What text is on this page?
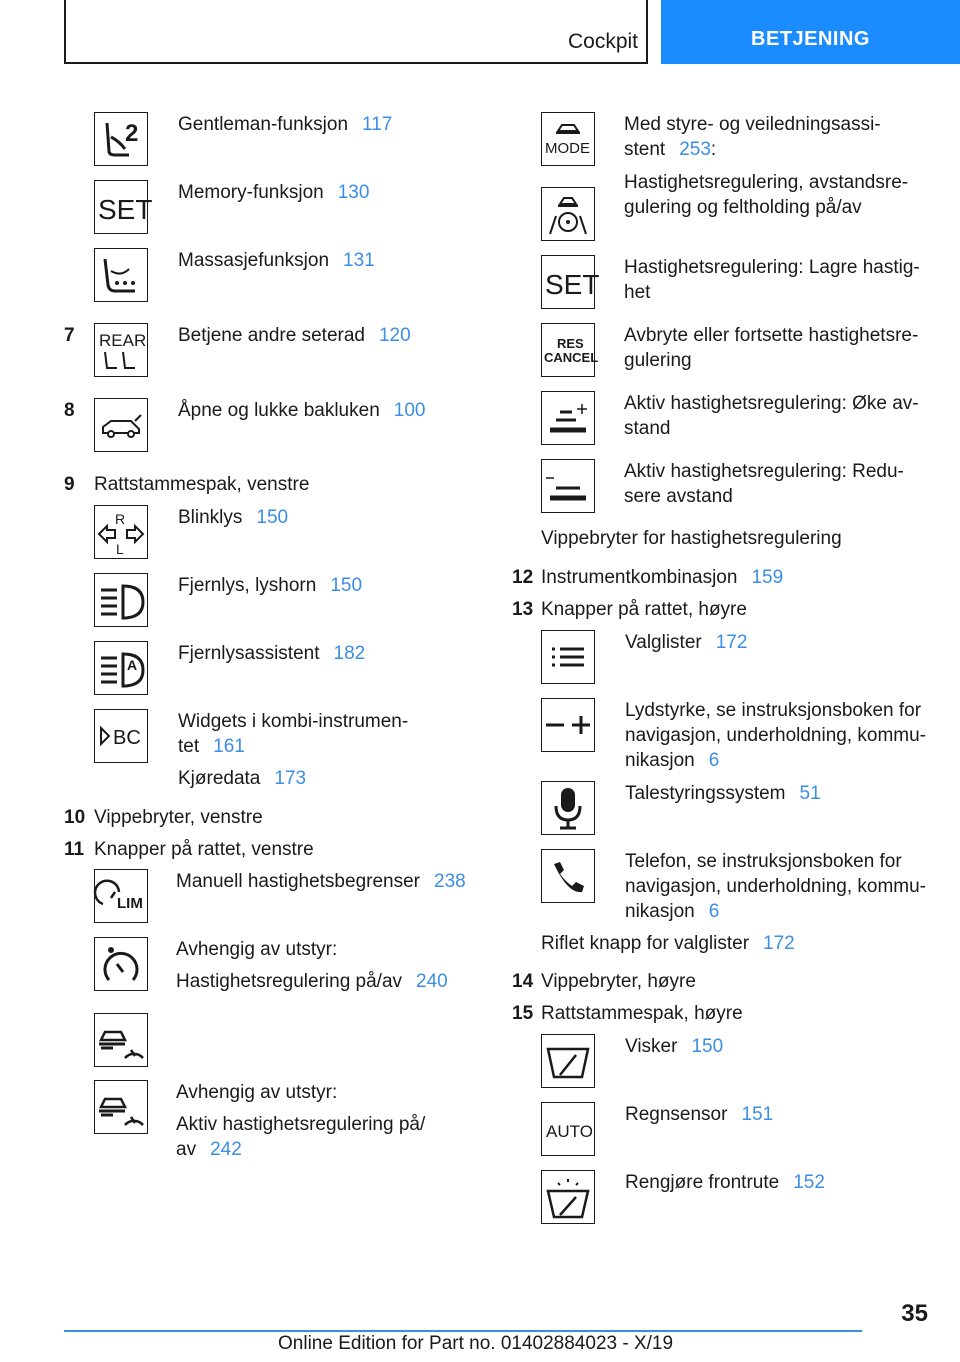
Cockpit	BETJENING
2 Gentleman-funksjon 117
SET
Memory-funksjon 130
Massasjefunksjon 131
7 REAR Betjene andre seterad 120
8	Åpne og lukke bakluken 100
9 Rattstammespak, venstre
R
L
Blinklys 150
Fjernlys, lyshorn 150
A
Fjernlysassistent 182
BC
Widgets i kombi-instrumen-
tet 161
Kjøredata 173
10 Vippebryter, venstre
11 Knapper på rattet, venstre
LIM
Manuell hastighetsbegrenser 238
Avhengig av utstyr:
Hastighetsregulering på/av 240
Avhengig av utstyr:
Aktiv hastighetsregulering på/
av 242
MODE
Med styre- og veiledningsassi-
stent 253:
Hastighetsregulering, avstandsre-
gulering og feltholding på/av
SET
Hastighetsregulering: Lagre hastig-
het
RES
CANCEL
Avbryte eller fortsette hastighetsre-
gulering
Aktiv hastighetsregulering: Øke av-
stand
Aktiv hastighetsregulering: Redu-
sere avstand
Vippebryter for hastighetsregulering
12 Instrumentkombinasjon 159
13 Knapper på rattet, høyre
Valglister 172
Lydstyrke, se instruksjonsboken for
navigasjon, underholdning, kommu-
nikasjon 6
Talestyringssystem 51
Telefon, se instruksjonsboken for
navigasjon, underholdning, kommu-
nikasjon 6
Riflet knapp for valglister 172
14 Vippebryter, høyre
15 Rattstammespak, høyre
Visker 150
AUTO
Regnsensor 151
Rengjøre frontrute 152
35
Online Edition for Part no. 01402884023 - X/19
